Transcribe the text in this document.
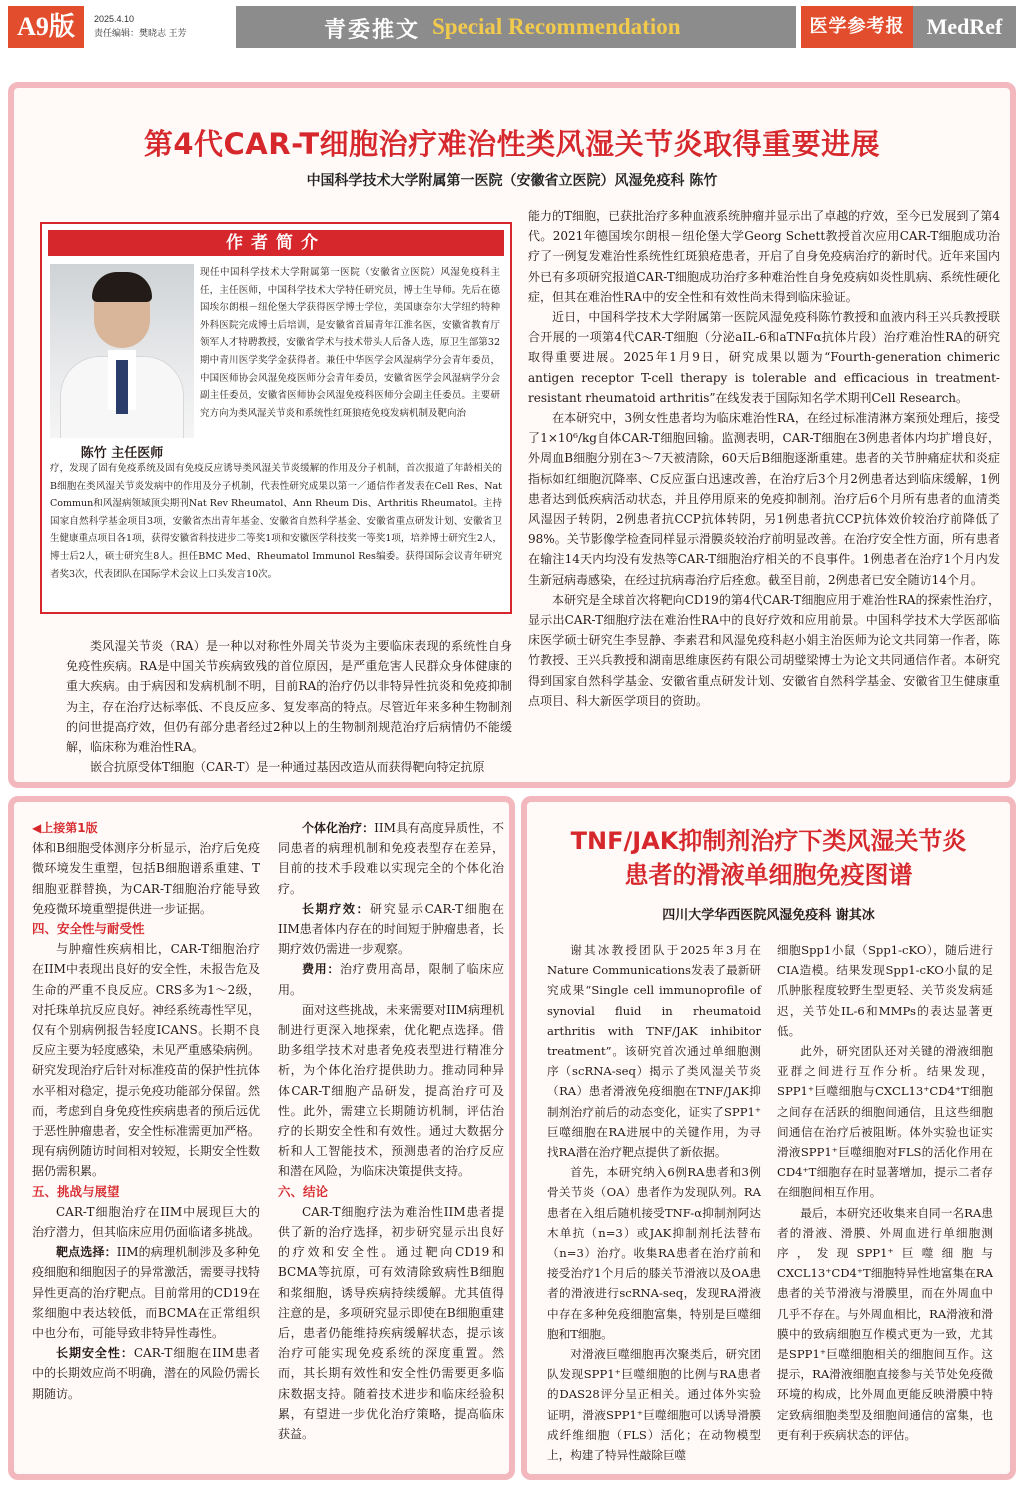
A9版	2025.4.10
责任编辑：樊晓志 王芳	青委推文 Special Recommendation	医学参考报	MedRef
第4代CAR-T细胞治疗难治性类风湿关节炎取得重要进展
中国科学技术大学附属第一医院（安徽省立医院）风湿免疫科 陈竹
作者简介
陈竹 主任医师
现任中国科学技术大学附属第一医院（安徽省立医院）风湿免疫科主任，主任医师，中国科学技术大学特任研究员，博士生导师。先后在德国埃尔朗根－纽伦堡大学获得医学博士学位，美国康奈尔大学纽约特种外科医院完成博士后培训，是安徽省首届青年江淮名医，安徽省教育厅领军人才特聘教授，安徽省学术与技术带头人后备人选，原卫生部第32期中青川医学奖学金获得者。兼任中华医学会风湿病学分会青年委员，中国医师协会风湿免疫医师分会青年委员，安徽省医学会风湿病学分会副主任委员，安徽省医师协会风湿免疫科医师分会副主任委员。主要研究方向为类风湿关节炎和系统性红斑狼疮免疫发病机制及靶向治
疗，发现了固有免疫系统及固有免疫反应诱导类风湿关节炎缓解的作用及分子机制，首次报道了年龄相关的B细胞在类风湿关节炎发病中的作用及分子机制，代表性研究成果以第一／通信作者发表在Cell Res、Nat Commun和风湿病领域顶尖期刊Nat Rev Rheumatol、Ann Rheum Dis、Arthritis Rheumatol。主持国家自然科学基金项目3项，安徽省杰出青年基金、安徽省自然科学基金、安徽省重点研发计划、安徽省卫生健康重点项目各1项，获得安徽省科技进步二等奖1项和安徽医学科技奖一等奖1项，培养博士研究生2人，博士后2人，硕士研究生8人。担任BMC Med、Rheumatol Immunol Res编委。获得国际会议青年研究者奖3次，代表团队在国际学术会议上口头发言10次。

类风湿关节炎（RA）是一种以对称性外周关节炎为主要临床表现的系统性自身免疫性疾病。RA是中国关节疾病致残的首位原因，是严重危害人民群众身体健康的重大疾病。由于病因和发病机制不明，目前RA的治疗仍以非特异性抗炎和免疫抑制为主，存在治疗达标率低、不良反应多、复发率高的特点。尽管近年来多种生物制剂的问世提高疗效，但仍有部分患者经过2种以上的生物制剂规范治疗后病情仍不能缓解，临床称为难治性RA。

嵌合抗原受体T细胞（CAR-T）是一种通过基因改造从而获得靶向特定抗原

能力的T细胞，已获批治疗多种血液系统肿瘤并显示出了卓越的疗效，至今已发展到了第4代。2021年德国埃尔朗根－纽伦堡大学Georg Schett教授首次应用CAR-T细胞成功治疗了一例复发难治性系统性红斑狼疮患者，开启了自身免疫病治疗的新时代。近年来国内外已有多项研究报道CAR-T细胞成功治疗多种难治性自身免疫病如炎性肌病、系统性硬化症，但其在难治性RA中的安全性和有效性尚未得到临床验证。

近日，中国科学技术大学附属第一医院风湿免疫科陈竹教授和血液内科王兴兵教授联合开展的一项第4代CAR-T细胞（分泌aIL-6和aTNFα抗体片段）治疗难治性RA的研究取得重要进展。2025年1月9日，研究成果以题为“Fourth-generation chimeric antigen receptor T-cell therapy is tolerable and efficacious in treatment-resistant rheumatoid arthritis”在线发表于国际知名学术期刊Cell Research。

在本研究中，3例女性患者均为临床难治性RA，在经过标准清淋方案预处理后，接受了1×10⁶/kg自体CAR-T细胞回输。监测表明，CAR-T细胞在3例患者体内均扩增良好，外周血B细胞分别在3～7天被清除，60天后B细胞逐渐重建。患者的关节肿痛症状和炎症指标如红细胞沉降率、C反应蛋白迅速改善，在治疗后3个月2例患者达到临床缓解，1例患者达到低疾病活动状态，并且停用原来的免疫抑制剂。治疗后6个月所有患者的血清类风湿因子转阴，2例患者抗CCP抗体转阴，另1例患者抗CCP抗体效价较治疗前降低了98%。关节影像学检查同样显示滑膜炎较治疗前明显改善。在治疗安全性方面，所有患者在输注14天内均没有发热等CAR-T细胞治疗相关的不良事件。1例患者在治疗1个月内发生新冠病毒感染，在经过抗病毒治疗后痊愈。截至目前，2例患者已安全随访14个月。

本研究是全球首次将靶向CD19的第4代CAR-T细胞应用于难治性RA的探索性治疗，显示出CAR-T细胞疗法在难治性RA中的良好疗效和应用前景。中国科学技术大学医部临床医学硕士研究生李昱静、李素君和风湿免疫科赵小娟主治医师为论文共同第一作者，陈竹教授、王兴兵教授和湖南思维康医药有限公司胡璧梁博士为论文共同通信作者。本研究得到国家自然科学基金、安徽省重点研发计划、安徽省自然科学基金、安徽省卫生健康重点项目、科大新医学项目的资助。

◀上接第1版

体和B细胞受体测序分析显示，治疗后免疫微环境发生重塑，包括B细胞谱系重建、T细胞亚群替换，为CAR-T细胞治疗能导致免疫微环境重塑提供进一步证据。

四、安全性与耐受性

与肿瘤性疾病相比，CAR-T细胞治疗在IIM中表现出良好的安全性，未报告危及生命的严重不良反应。CRS多为1～2级，对托珠单抗反应良好。神经系统毒性罕见，仅有个别病例报告轻度ICANS。长期不良反应主要为轻度感染，未见严重感染病例。研究发现治疗后针对标准疫苗的保护性抗体水平相对稳定，提示免疫功能部分保留。然而，考虑到自身免疫性疾病患者的预后远优于恶性肿瘤患者，安全性标准需更加严格。现有病例随访时间相对较短，长期安全性数据仍需积累。

五、挑战与展望

CAR-T细胞治疗在IIM中展现巨大的治疗潜力，但其临床应用仍面临诸多挑战。

靶点选择：IIM的病理机制涉及多种免疫细胞和细胞因子的异常激活，需要寻找特异性更高的治疗靶点。目前常用的CD19在浆细胞中表达较低，而BCMA在正常组织中也分布，可能导致非特异性毒性。

长期安全性：CAR-T细胞在IIM患者中的长期效应尚不明确，潜在的风险仍需长期随访。

个体化治疗：IIM具有高度异质性，不同患者的病理机制和免疫表型存在差异，目前的技术手段难以实现完全的个体化治疗。

长期疗效：研究显示CAR-T细胞在IIM患者体内存在的时间短于肿瘤患者，长期疗效仍需进一步观察。

费用：治疗费用高昂，限制了临床应用。

面对这些挑战，未来需要对IIM病理机制进行更深入地探索，优化靶点选择。借助多组学技术对患者免疫表型进行精准分析，为个体化治疗提供助力。推动同种异体CAR-T细胞产品研发，提高治疗可及性。此外，需建立长期随访机制，评估治疗的长期安全性和有效性。通过大数据分析和人工智能技术，预测患者的治疗反应和潜在风险，为临床决策提供支持。

六、结论

CAR-T细胞疗法为难治性IIM患者提供了新的治疗选择，初步研究显示出良好的疗效和安全性。通过靶向CD19和BCMA等抗原，可有效清除致病性B细胞和浆细胞，诱导疾病持续缓解。尤其值得注意的是，多项研究显示即使在B细胞重建后，患者仍能维持疾病缓解状态，提示该治疗可能实现免疫系统的深度重置。然而，其长期有效性和安全性仍需要更多临床数据支持。随着技术进步和临床经验积累，有望进一步优化治疗策略，提高临床获益。

TNF/JAK抑制剂治疗下类风湿关节炎
患者的滑液单细胞免疫图谱
四川大学华西医院风湿免疫科 谢其冰

谢其冰教授团队于2025年3月在Nature Communications发表了最新研究成果“Single cell immunoprofile of synovial fluid in rheumatoid arthritis with TNF/JAK inhibitor treatment”。该研究首次通过单细胞测序（scRNA-seq）揭示了类风湿关节炎（RA）患者滑液免疫细胞在TNF/JAK抑制剂治疗前后的动态变化，证实了SPP1⁺巨噬细胞在RA进展中的关键作用，为寻找RA潜在治疗靶点提供了新依据。

首先，本研究纳入6例RA患者和3例骨关节炎（OA）患者作为发现队列。RA患者在入组后随机接受TNF-α抑制剂阿达木单抗（n=3）或JAK抑制剂托法替布（n=3）治疗。收集RA患者在治疗前和接受治疗1个月后的膝关节滑液以及OA患者的滑液进行scRNA-seq，发现RA滑液中存在多种免疫细胞富集，特别是巨噬细胞和T细胞。

对滑液巨噬细胞再次聚类后，研究团队发现SPP1⁺巨噬细胞的比例与RA患者的DAS28评分呈正相关。通过体外实验证明，滑液SPP1⁺巨噬细胞可以诱导滑膜成纤维细胞（FLS）活化；在动物模型上，构建了特异性敲除巨噬

细胞Spp1小鼠（Spp1-cKO），随后进行CIA造模。结果发现Spp1-cKO小鼠的足爪肿胀程度较野生型更轻、关节炎发病延迟，关节处IL-6和MMPs的表达显著更低。

此外，研究团队还对关键的滑液细胞亚群之间进行互作分析。结果发现，SPP1⁺巨噬细胞与CXCL13⁺CD4⁺T细胞之间存在活跃的细胞间通信，且这些细胞间通信在治疗后被阻断。体外实验也证实滑液SPP1⁺巨噬细胞对FLS的活化作用在CD4⁺T细胞存在时显著增加，提示二者存在细胞间相互作用。

最后，本研究还收集来自同一名RA患者的滑液、滑膜、外周血进行单细胞测序，发现SPP1⁺巨噬细胞与CXCL13⁺CD4⁺T细胞特异性地富集在RA患者的关节滑液与滑膜里，而在外周血中几乎不存在。与外周血相比，RA滑液和滑膜中的致病细胞互作模式更为一致，尤其是SPP1⁺巨噬细胞相关的细胞间互作。这提示，RA滑液细胞直接参与关节处免疫微环境的构成，比外周血更能反映滑膜中特定致病细胞类型及细胞间通信的富集，也更有利于疾病状态的评估。
